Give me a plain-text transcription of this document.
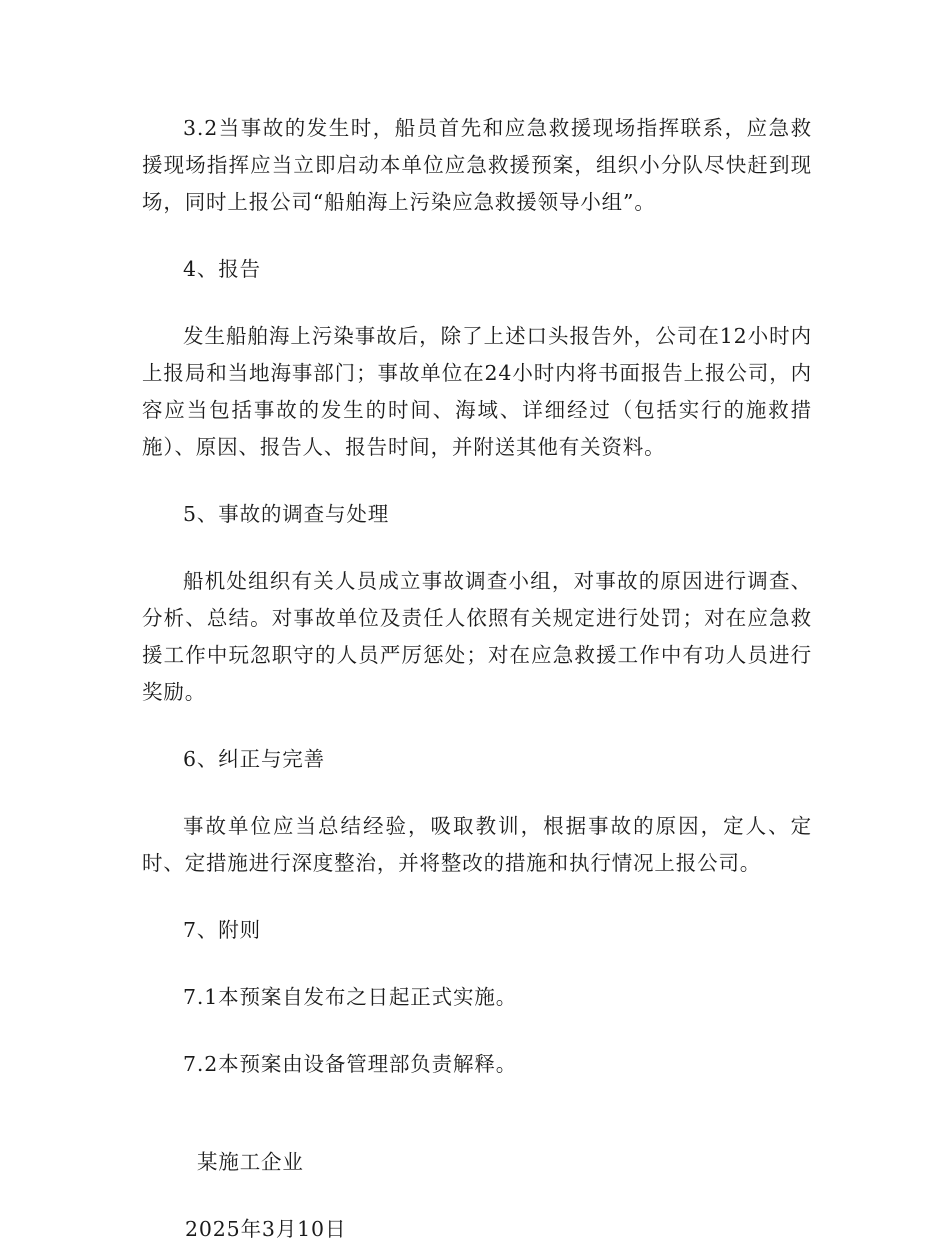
3.2当事故的发生时，船员首先和应急救援现场指挥联系，应急救援现场指挥应当立即启动本单位应急救援预案，组织小分队尽快赶到现场，同时上报公司“船舶海上污染应急救援领导小组”。

4、报告

发生船舶海上污染事故后，除了上述口头报告外，公司在12小时内上报局和当地海事部门；事故单位在24小时内将书面报告上报公司，内容应当包括事故的发生的时间、海域、详细经过（包括实行的施救措施）、原因、报告人、报告时间，并附送其他有关资料。

5、事故的调查与处理

船机处组织有关人员成立事故调查小组，对事故的原因进行调查、分析、总结。对事故单位及责任人依照有关规定进行处罚；对在应急救援工作中玩忽职守的人员严厉惩处；对在应急救援工作中有功人员进行奖励。

6、纠正与完善

事故单位应当总结经验，吸取教训，根据事故的原因，定人、定时、定措施进行深度整治，并将整改的措施和执行情况上报公司。

7、附则

7.1本预案自发布之日起正式实施。

7.2本预案由设备管理部负责解释。

某施工企业

2025年3月10日
